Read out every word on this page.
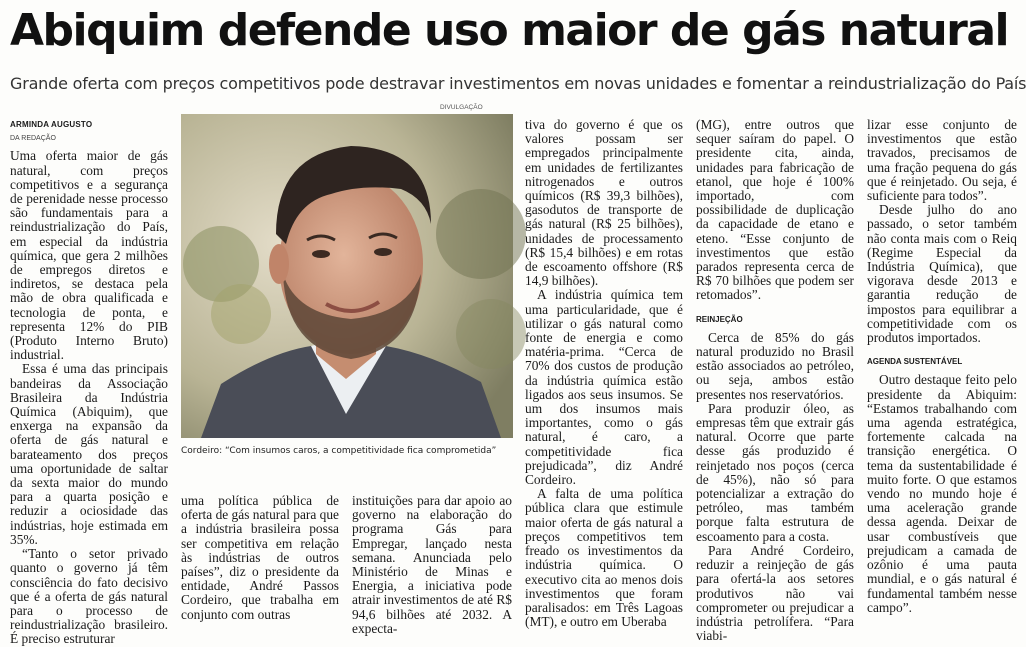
Abiquim defende uso maior de gás natural
Grande oferta com preços competitivos pode destravar investimentos em novas unidades e fomentar a reindustrialização do País
ARMINDA AUGUSTO
DA REDAÇÃO

Uma oferta maior de gás natural, com preços competitivos e a segurança de perenidade nesse processo são fundamentais para a reindustrialização do País, em especial da indústria química, que gera 2 milhões de empregos diretos e indiretos, se destaca pela mão de obra qualificada e tecnologia de ponta, e representa 12% do PIB (Produto Interno Bruto) industrial.

Essa é uma das principais bandeiras da Associação Brasileira da Indústria Química (Abiquim), que enxerga na expansão da oferta de gás natural e barateamento dos preços uma oportunidade de saltar da sexta maior do mundo para a quarta posição e reduzir a ociosidade das indústrias, hoje estimada em 35%.

“Tanto o setor privado quanto o governo já têm consciência do fato decisivo que é a oferta de gás natural para o processo de reindustrialização brasileiro. É preciso estruturar

DIVULGAÇÃO
Cordeiro: “Com insumos caros, a competitividade fica comprometida”

uma política pública de oferta de gás natural para que a indústria brasileira possa ser competitiva em relação às indústrias de outros países”, diz o presidente da entidade, André Passos Cordeiro, que trabalha em conjunto com outras

instituições para dar apoio ao governo na elaboração do programa Gás para Empregar, lançado nesta semana. Anunciada pelo Ministério de Minas e Energia, a iniciativa pode atrair investimentos de até R$ 94,6 bilhões até 2032. A expecta-

tiva do governo é que os valores possam ser empregados principalmente em unidades de fertilizantes nitrogenados e outros químicos (R$ 39,3 bilhões), gasodutos de transporte de gás natural (R$ 25 bilhões), unidades de processamento (R$ 15,4 bilhões) e em rotas de escoamento offshore (R$ 14,9 bilhões).

A indústria química tem uma particularidade, que é utilizar o gás natural como fonte de energia e como matéria-prima. “Cerca de 70% dos custos de produção da indústria química estão ligados aos seus insumos. Se um dos insumos mais importantes, como o gás natural, é caro, a competitividade fica prejudicada”, diz André Cordeiro.

A falta de uma política pública clara que estimule maior oferta de gás natural a preços competitivos tem freado os investimentos da indústria química. O executivo cita ao menos dois investimentos que foram paralisados: em Três Lagoas (MT), e outro em Uberaba

(MG), entre outros que sequer saíram do papel. O presidente cita, ainda, unidades para fabricação de etanol, que hoje é 100% importado, com possibilidade de duplicação da capacidade de etano e eteno. “Esse conjunto de investimentos que estão parados representa cerca de R$ 70 bilhões que podem ser retomados”.

REINJEÇÃO

Cerca de 85% do gás natural produzido no Brasil estão associados ao petróleo, ou seja, ambos estão presentes nos reservatórios.

Para produzir óleo, as empresas têm que extrair gás natural. Ocorre que parte desse gás produzido é reinjetado nos poços (cerca de 45%), não só para potencializar a extração do petróleo, mas também porque falta estrutura de escoamento para a costa.

Para André Cordeiro, reduzir a reinjeção de gás para ofertá-la aos setores produtivos não vai comprometer ou prejudicar a indústria petrolífera. “Para viabi-

lizar esse conjunto de investimentos que estão travados, precisamos de uma fração pequena do gás que é reinjetado. Ou seja, é suficiente para todos”.

Desde julho do ano passado, o setor também não conta mais com o Reiq (Regime Especial da Indústria Química), que vigorava desde 2013 e garantia redução de impostos para equilibrar a competitividade com os produtos importados.

AGENDA SUSTENTÁVEL

Outro destaque feito pelo presidente da Abiquim: “Estamos trabalhando com uma agenda estratégica, fortemente calcada na transição energética. O tema da sustentabilidade é muito forte. O que estamos vendo no mundo hoje é uma aceleração grande dessa agenda. Deixar de usar combustíveis que prejudicam a camada de ozônio é uma pauta mundial, e o gás natural é fundamental também nesse campo”.
